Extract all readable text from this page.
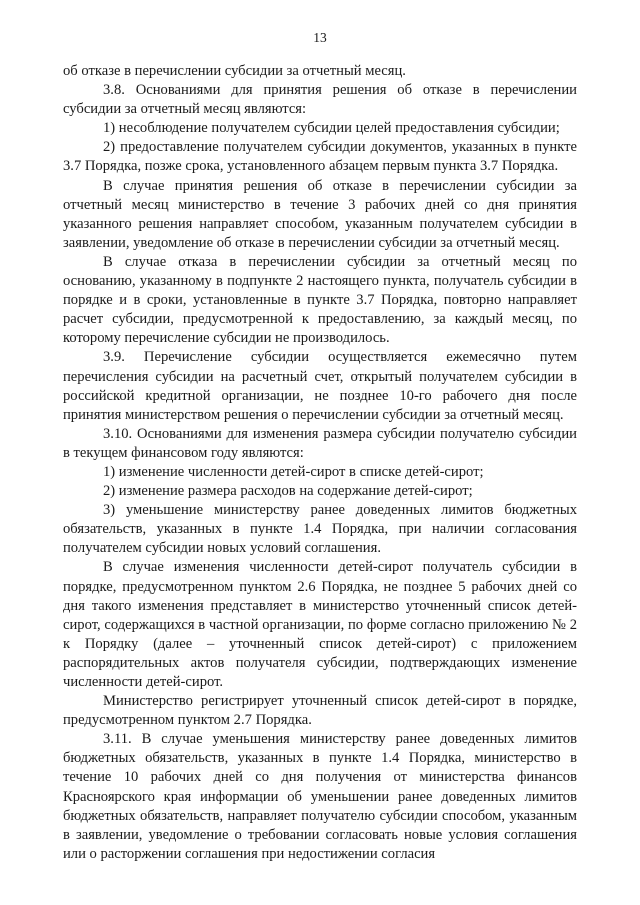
13

об отказе в перечислении субсидии за отчетный месяц.

3.8. Основаниями для принятия решения об отказе в перечислении субсидии за отчетный месяц являются:

1) несоблюдение получателем субсидии целей предоставления субсидии;

2) предоставление получателем субсидии документов, указанных в пункте 3.7 Порядка, позже срока, установленного абзацем первым пункта 3.7 Порядка.

В случае принятия решения об отказе в перечислении субсидии за отчетный месяц министерство в течение 3 рабочих дней со дня принятия указанного решения направляет способом, указанным получателем субсидии в заявлении, уведомление об отказе в перечислении субсидии за отчетный месяц.

В случае отказа в перечислении субсидии за отчетный месяц по основанию, указанному в подпункте 2 настоящего пункта, получатель субсидии в порядке и в сроки, установленные в пункте 3.7 Порядка, повторно направляет расчет субсидии, предусмотренной к предоставлению, за каждый месяц, по которому перечисление субсидии не производилось.

3.9. Перечисление субсидии осуществляется ежемесячно путем перечисления субсидии на расчетный счет, открытый получателем субсидии в российской кредитной организации, не позднее 10-го рабочего дня после принятия министерством решения о перечислении субсидии за отчетный месяц.

3.10. Основаниями для изменения размера субсидии получателю субсидии в текущем финансовом году являются:

1) изменение численности детей-сирот в списке детей-сирот;

2) изменение размера расходов на содержание детей-сирот;

3) уменьшение министерству ранее доведенных лимитов бюджетных обязательств, указанных в пункте 1.4 Порядка, при наличии согласования получателем субсидии новых условий соглашения.

В случае изменения численности детей-сирот получатель субсидии в порядке, предусмотренном пунктом 2.6 Порядка, не позднее 5 рабочих дней со дня такого изменения представляет в министерство уточненный список детей-сирот, содержащихся в частной организации, по форме согласно приложению № 2 к Порядку (далее – уточненный список детей-сирот) с приложением распорядительных актов получателя субсидии, подтверждающих изменение численности детей-сирот.

Министерство регистрирует уточненный список детей-сирот в порядке, предусмотренном пунктом 2.7 Порядка.

3.11. В случае уменьшения министерству ранее доведенных лимитов бюджетных обязательств, указанных в пункте 1.4 Порядка, министерство в течение 10 рабочих дней со дня получения от министерства финансов Красноярского края информации об уменьшении ранее доведенных лимитов бюджетных обязательств, направляет получателю субсидии способом, указанным в заявлении, уведомление о требовании согласовать новые условия соглашения или о расторжении соглашения при недостижении согласия
